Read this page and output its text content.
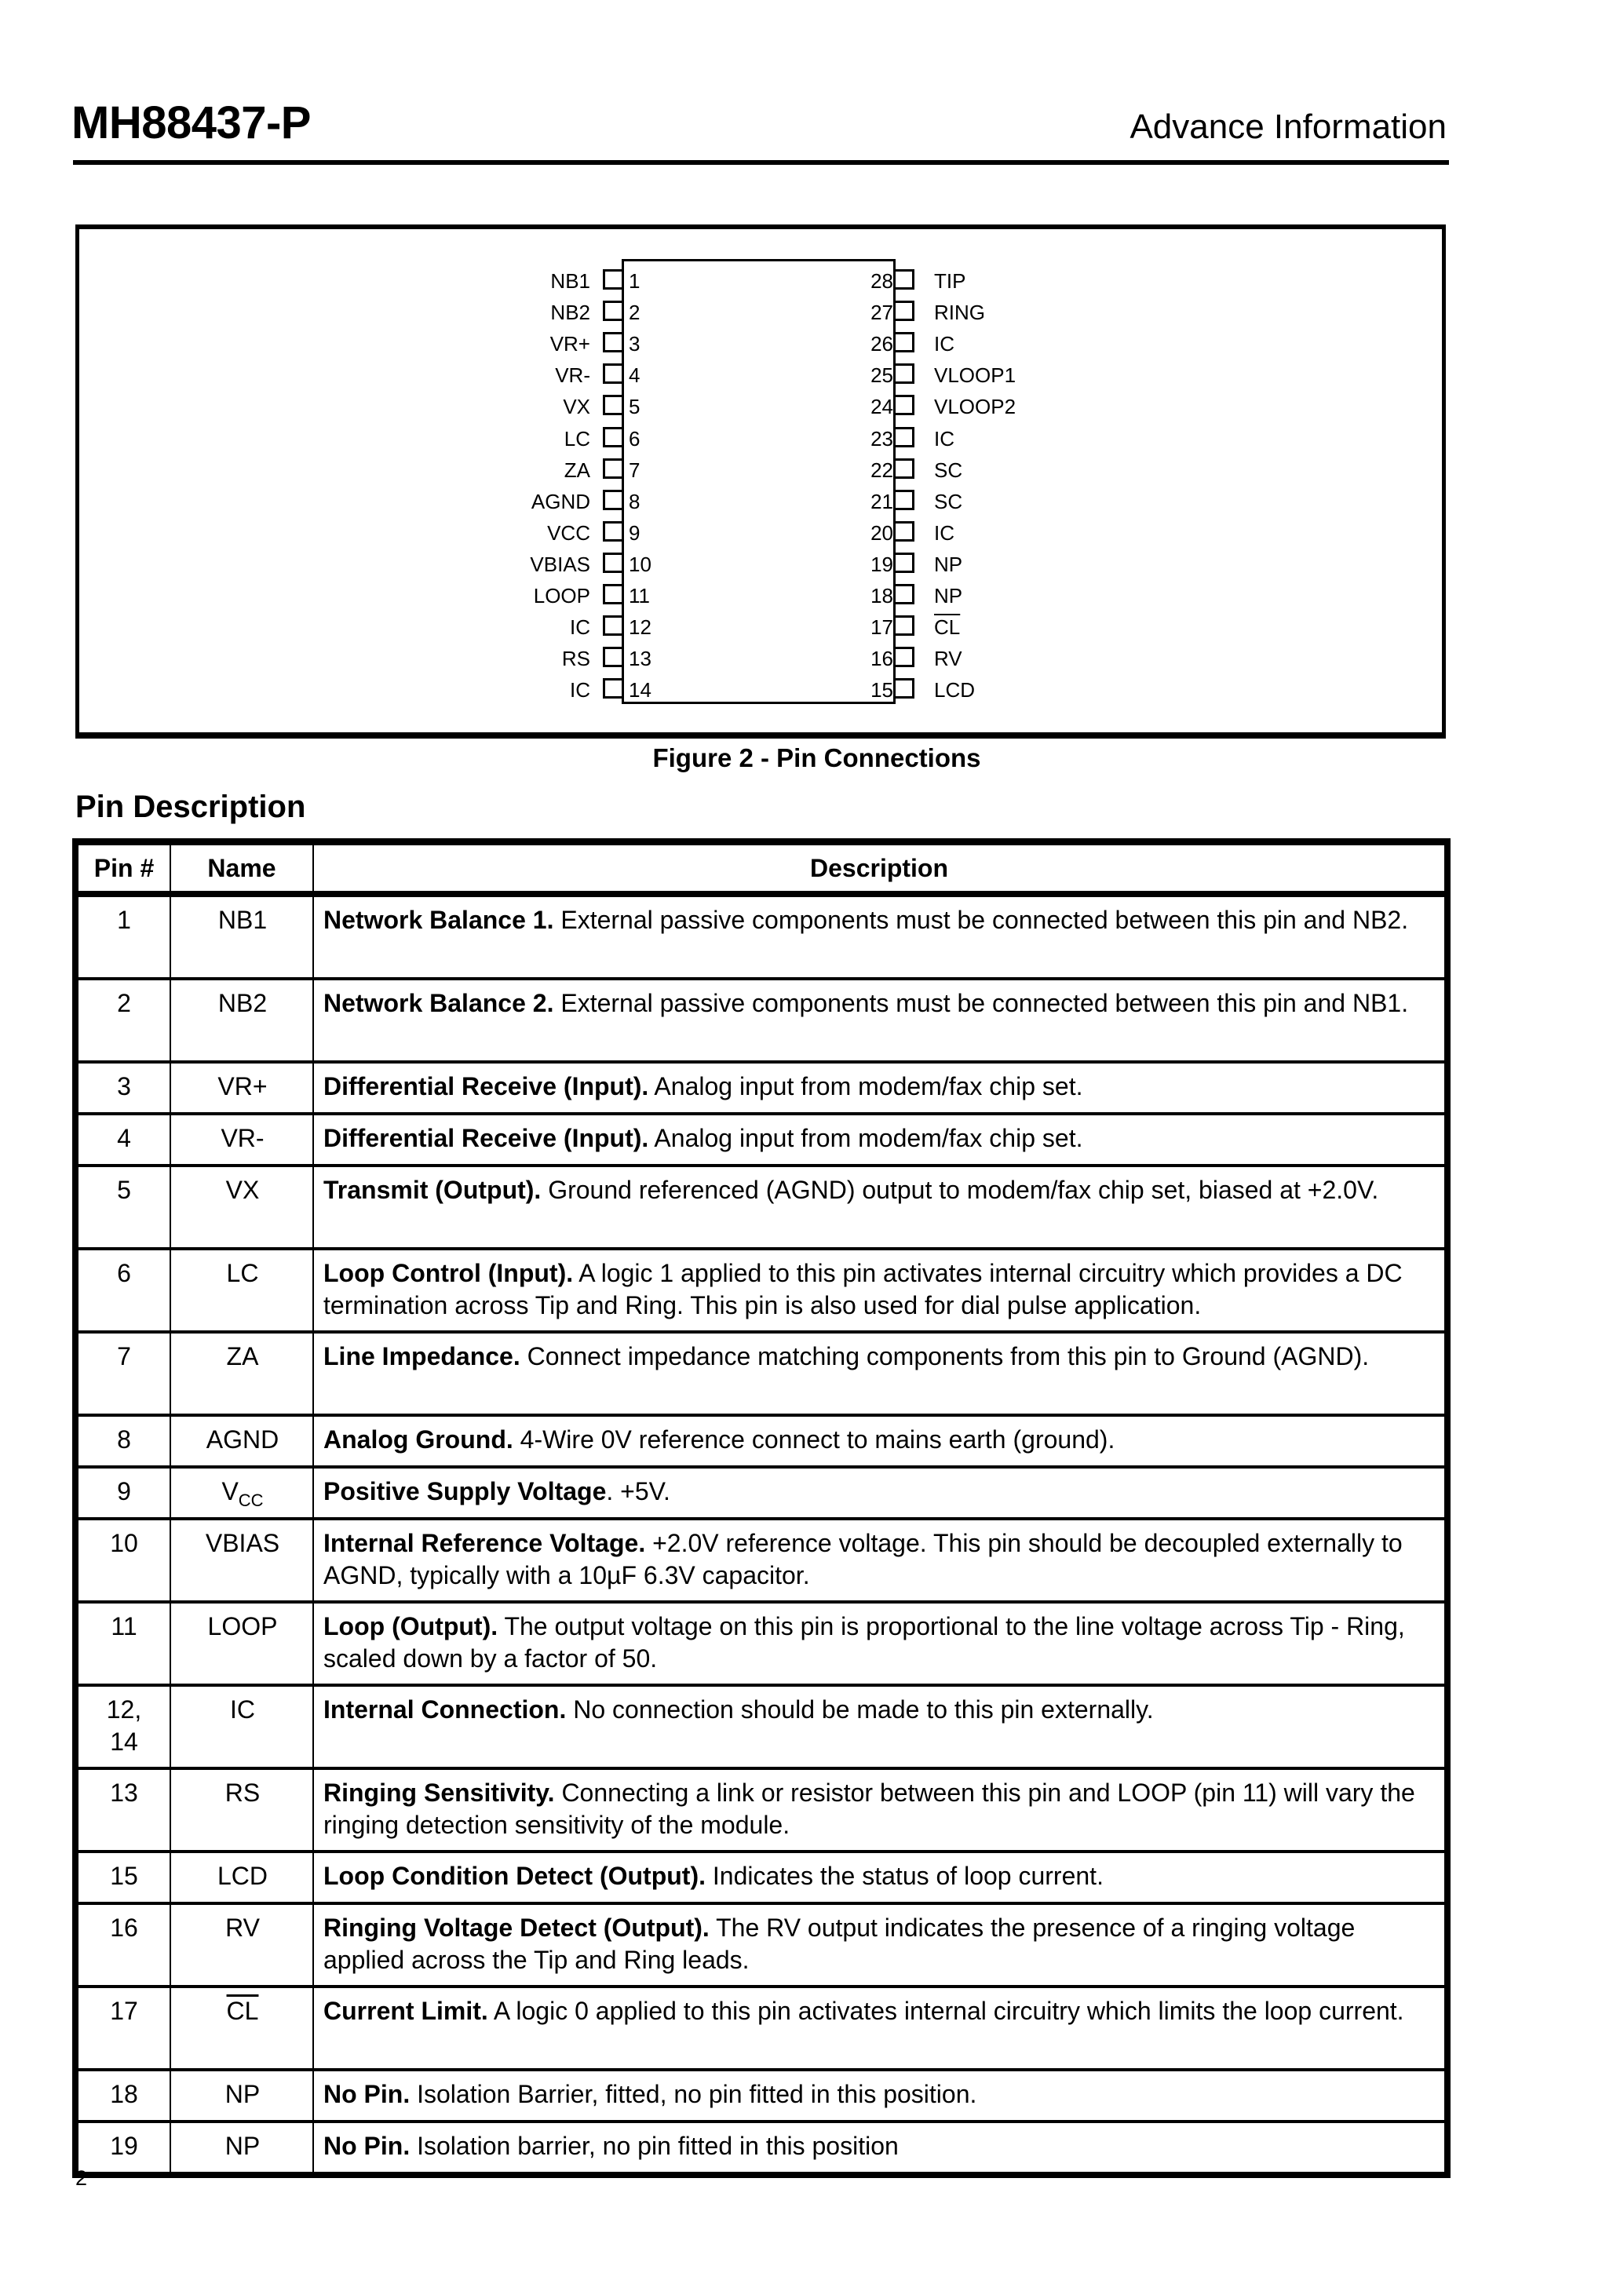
MH88437-P	Advance Information
NB1 1
NB2 2
VR+ 3
VR- 4
VX 5
LC 6
ZA 7
AGND 8
VCC 9
VBIAS 10
LOOP 11
IC 12
RS 13
IC 14
TIP
28
RING
27
IC
26
VLOOP1
25
VLOOP2
24
IC
23
SC
22
SC
21
IC
20
NP
19
NP
18
$\overline{CL}$
17
RV
16
LCD
15
Figure 2 - Pin Connections
Pin Description
Pin #	Name	Description
1	NB1	Network Balance 1. External passive components must be connected between this pin and NB2.
2	NB2	Network Balance 2. External passive components must be connected between this pin and NB1.
3	VR+	Differential Receive (Input). Analog input from modem/fax chip set.
4	VR-	Differential Receive (Input). Analog input from modem/fax chip set.
5	VX	Transmit (Output). Ground referenced (AGND) output to modem/fax chip set, biased at +2.0V.
6	LC	Loop Control (Input). A logic 1 applied to this pin activates internal circuitry which provides a DC termination across Tip and Ring. This pin is also used for dial pulse application.
7	ZA	Line Impedance. Connect impedance matching components from this pin to Ground (AGND).
8	AGND	Analog Ground. 4-Wire 0V reference connect to mains earth (ground).
9	$V_{CC}$	Positive Supply Voltage. +5V.
10	VBIAS	Internal Reference Voltage. +2.0V reference voltage. This pin should be decoupled externally to AGND, typically with a 10µF 6.3V capacitor.
11	LOOP	Loop (Output). The output voltage on this pin is proportional to the line voltage across Tip - Ring, scaled down by a factor of 50.
12,
14	IC	Internal Connection. No connection should be made to this pin externally.
13	RS	Ringing Sensitivity. Connecting a link or resistor between this pin and LOOP (pin 11) will vary the ringing detection sensitivity of the module.
15	LCD	Loop Condition Detect (Output). Indicates the status of loop current.
16	RV	Ringing Voltage Detect (Output). The RV output indicates the presence of a ringing voltage applied across the Tip and Ring leads.
17	$\overline{CL}$	Current Limit. A logic 0 applied to this pin activates internal circuitry which limits the loop current.
18	NP	No Pin. Isolation Barrier, fitted, no pin fitted in this position.
19	NP	No Pin. Isolation barrier, no pin fitted in this position
2
